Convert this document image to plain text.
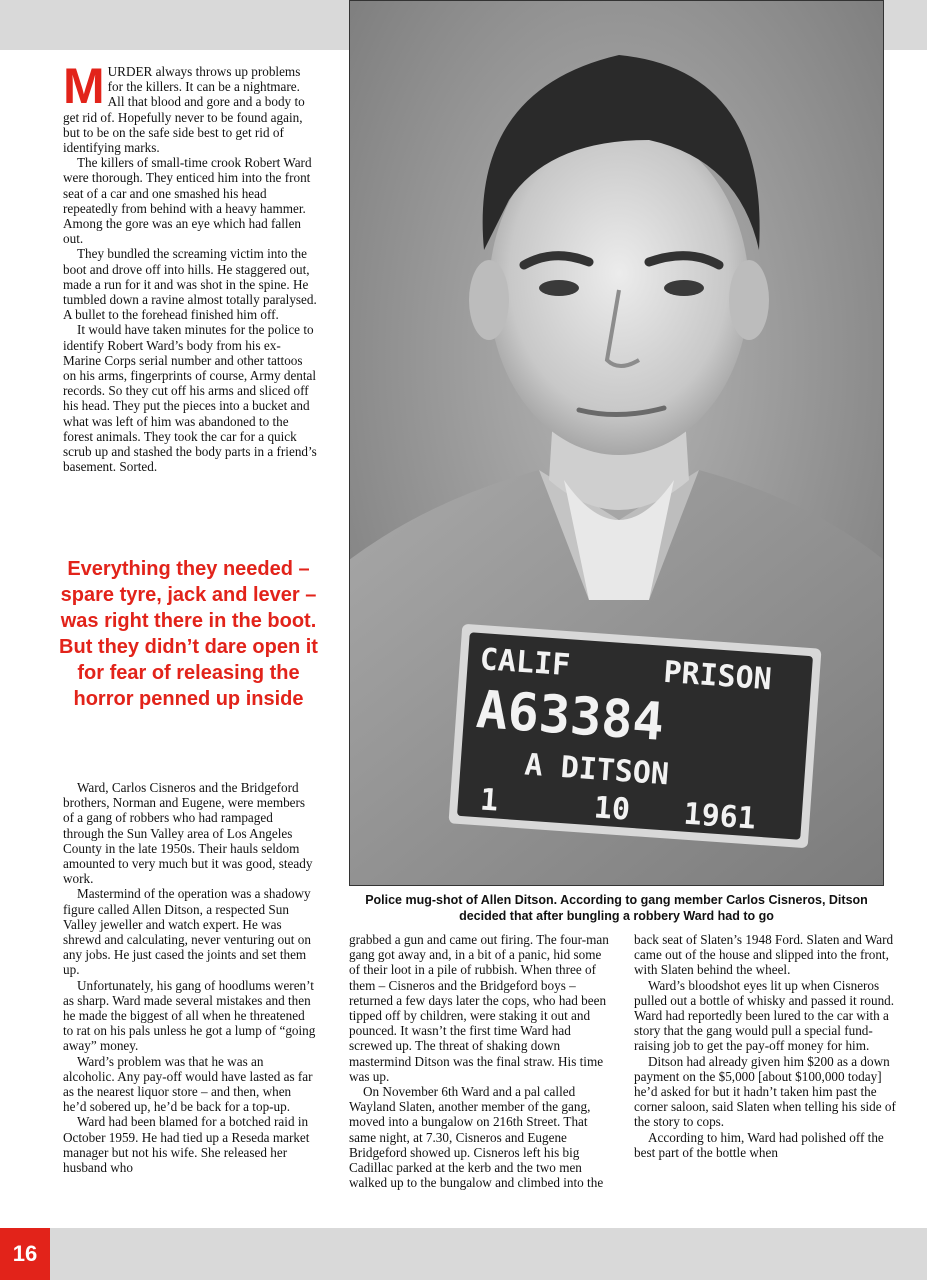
16
M URDER always throws up problems for the killers. It can be a nightmare. All that blood and gore and a body to get rid of. Hopefully never to be found again, but to be on the safe side best to get rid of identifying marks.

The killers of small-time crook Robert Ward were thorough. They enticed him into the front seat of a car and one smashed his head repeatedly from behind with a heavy hammer. Among the gore was an eye which had fallen out.

They bundled the screaming victim into the boot and drove off into hills. He staggered out, made a run for it and was shot in the spine. He tumbled down a ravine almost totally paralysed. A bullet to the forehead finished him off.

It would have taken minutes for the police to identify Robert Ward’s body from his ex-Marine Corps serial number and other tattoos on his arms, fingerprints of course, Army dental records. So they cut off his arms and sliced off his head. They put the pieces into a bucket and what was left of him was abandoned to the forest animals. They took the car for a quick scrub up and stashed the body parts in a friend’s basement. Sorted.

Everything they needed – spare tyre, jack and lever – was right there in the boot. But they didn’t dare open it for fear of releasing the horror penned up inside

Ward, Carlos Cisneros and the Bridgeford brothers, Norman and Eugene, were members of a gang of robbers who had rampaged through the Sun Valley area of Los Angeles County in the late 1950s. Their hauls seldom amounted to very much but it was good, steady work.

Mastermind of the operation was a shadowy figure called Allen Ditson, a respected Sun Valley jeweller and watch expert. He was shrewd and calculating, never venturing out on any jobs. He just cased the joints and set them up.

Unfortunately, his gang of hoodlums weren’t as sharp. Ward made several mistakes and then he made the biggest of all when he threatened to rat on his pals unless he got a lump of “going away” money.

Ward’s problem was that he was an alcoholic. Any pay-off would have lasted as far as the nearest liquor store – and then, when he’d sobered up, he’d be back for a top-up.

Ward had been blamed for a botched raid in October 1959. He had tied up a Reseda market manager but not his wife. She released her husband who

CALIF	PRISON
A63384
A DITSON
1	10 1961
Police mug-shot of Allen Ditson. According to gang member Carlos Cisneros, Ditson decided that after bungling a robbery Ward had to go

grabbed a gun and came out firing. The four-man gang got away and, in a bit of a panic, hid some of their loot in a pile of rubbish. When three of them – Cisneros and the Bridgeford boys – returned a few days later the cops, who had been tipped off by children, were staking it out and pounced. It wasn’t the first time Ward had screwed up. The threat of shaking down mastermind Ditson was the final straw. His time was up.

On November 6th Ward and a pal called Wayland Slaten, another member of the gang, moved into a bungalow on 216th Street. That same night, at 7.30, Cisneros and Eugene Bridgeford showed up. Cisneros left his big Cadillac parked at the kerb and the two men walked up to the bungalow and climbed into the

back seat of Slaten’s 1948 Ford. Slaten and Ward came out of the house and slipped into the front, with Slaten behind the wheel.

Ward’s bloodshot eyes lit up when Cisneros pulled out a bottle of whisky and passed it round. Ward had reportedly been lured to the car with a story that the gang would pull a special fund-raising job to get the pay-off money for him.

Ditson had already given him $200 as a down payment on the $5,000 [about $100,000 today] he’d asked for but it hadn’t taken him past the corner saloon, said Slaten when telling his side of the story to cops.

According to him, Ward had polished off the best part of the bottle when
